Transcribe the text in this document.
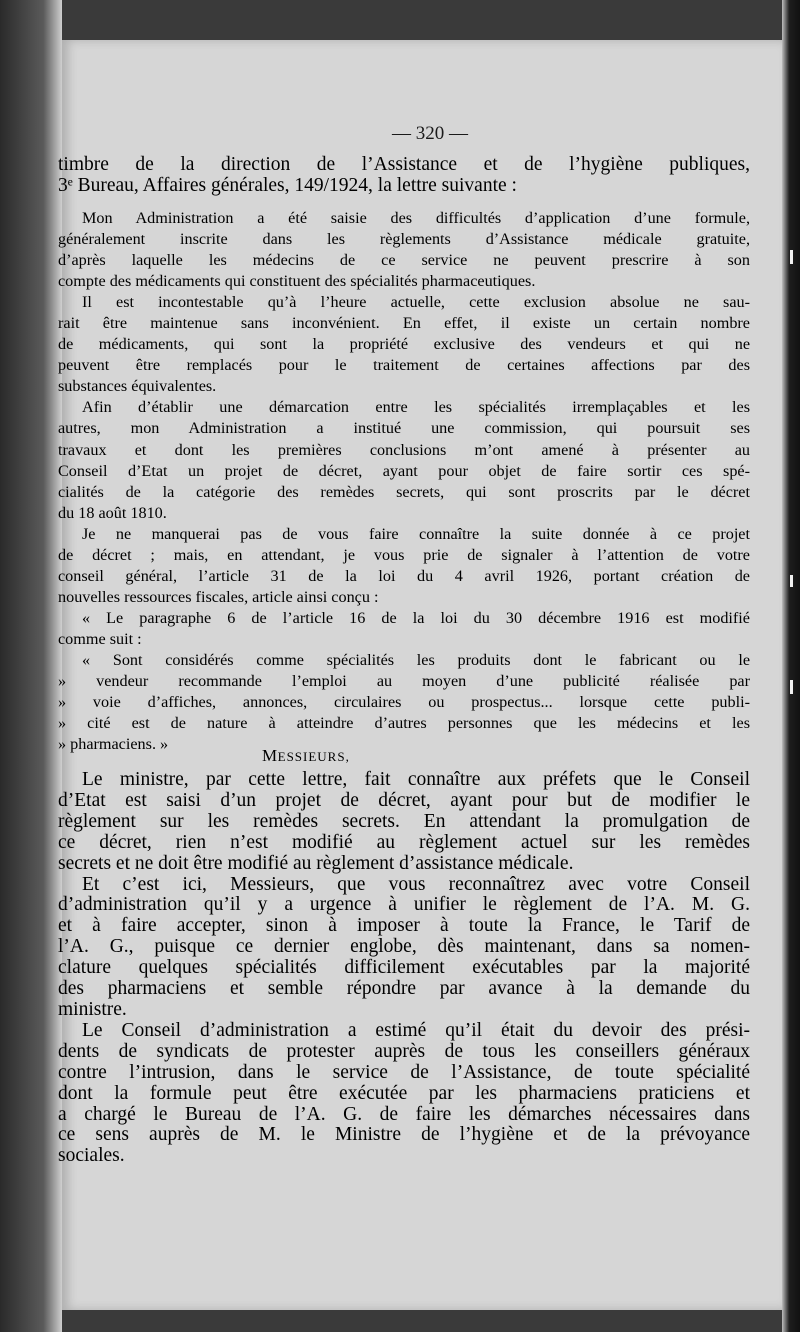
— 320 —

timbre de la direction de l’Assistance et de l’hygiène publiques,

3ᵉ Bureau, Affaires générales, 149/1924, la lettre suivante :

Mon Administration a été saisie des difficultés d’application d’une formule,

généralement inscrite dans les règlements d’Assistance médicale gratuite,

d’après laquelle les médecins de ce service ne peuvent prescrire à son

compte des médicaments qui constituent des spécialités pharmaceutiques.

Il est incontestable qu’à l’heure actuelle, cette exclusion absolue ne sau-

rait être maintenue sans inconvénient. En effet, il existe un certain nombre

de médicaments, qui sont la propriété exclusive des vendeurs et qui ne

peuvent être remplacés pour le traitement de certaines affections par des

substances équivalentes.

Afin d’établir une démarcation entre les spécialités irremplaçables et les

autres, mon Administration a institué une commission, qui poursuit ses

travaux et dont les premières conclusions m’ont amené à présenter au

Conseil d’Etat un projet de décret, ayant pour objet de faire sortir ces spé-

cialités de la catégorie des remèdes secrets, qui sont proscrits par le décret

du 18 août 1810.

Je ne manquerai pas de vous faire connaître la suite donnée à ce projet

de décret ; mais, en attendant, je vous prie de signaler à l’attention de votre

conseil général, l’article 31 de la loi du 4 avril 1926, portant création de

nouvelles ressources fiscales, article ainsi conçu :

« Le paragraphe 6 de l’article 16 de la loi du 30 décembre 1916 est modifié

comme suit :

« Sont considérés comme spécialités les produits dont le fabricant ou le

» vendeur recommande l’emploi au moyen d’une publicité réalisée par

» voie d’affiches, annonces, circulaires ou prospectus... lorsque cette publi-

» cité est de nature à atteindre d’autres personnes que les médecins et les

» pharmaciens. »

MESSIEURS,

Le ministre, par cette lettre, fait connaître aux préfets que le Conseil

d’Etat est saisi d’un projet de décret, ayant pour but de modifier le

règlement sur les remèdes secrets. En attendant la promulgation de

ce décret, rien n’est modifié au règlement actuel sur les remèdes

secrets et ne doit être modifié au règlement d’assistance médicale.

Et c’est ici, Messieurs, que vous reconnaîtrez avec votre Conseil

d’administration qu’il y a urgence à unifier le règlement de l’A. M. G.

et à faire accepter, sinon à imposer à toute la France, le Tarif de

l’A. G., puisque ce dernier englobe, dès maintenant, dans sa nomen-

clature quelques spécialités difficilement exécutables par la majorité

des pharmaciens et semble répondre par avance à la demande du

ministre.

Le Conseil d’administration a estimé qu’il était du devoir des prési-

dents de syndicats de protester auprès de tous les conseillers généraux

contre l’intrusion, dans le service de l’Assistance, de toute spécialité

dont la formule peut être exécutée par les pharmaciens praticiens et

a chargé le Bureau de l’A. G. de faire les démarches nécessaires dans

ce sens auprès de M. le Ministre de l’hygiène et de la prévoyance

sociales.
